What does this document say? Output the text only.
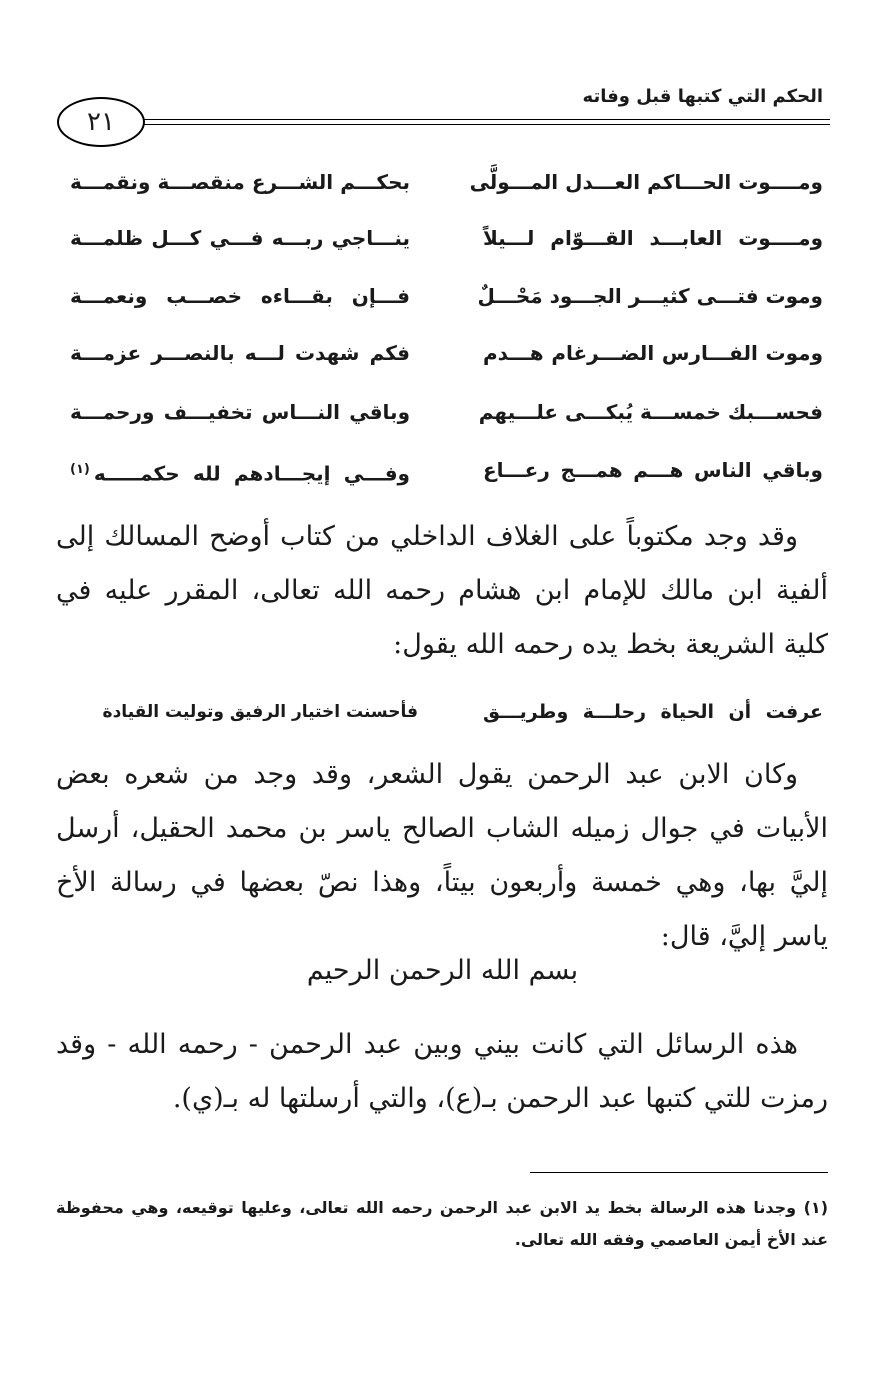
الحكم التي كتبها قبل وفاته
٢١
ومــــوت الحـــاكم العـــدل المـــولَّى
بحكـــم الشـــرع منقصـــة ونقمـــة
ومــــوت العابـــد القـــوّام لـــيلاً
ينـــاجي ربـــه فـــي كـــل ظلمـــة
وموت فتـــى كثيـــر الجـــود مَحْـــلٌ
فـــإن بقـــاءه خصـــب ونعمـــة
وموت الفـــارس الضـــرغام هـــدم
فكم شهدت لـــه بالنصـــر عزمـــة
فحســـبك خمســـة يُبكـــى علـــيهم
وباقي النـــاس تخفيـــف ورحمـــة
وباقي الناس هـــم همـــج رعـــاع
وفـــي إيجـــادهم لله حكمـــــه$^{(١)}$
وقد وجد مكتوباً على الغلاف الداخلي من كتاب أوضح المسالك إلى ألفية ابن مالك للإمام ابن هشام رحمه الله تعالى، المقرر عليه في كلية الشريعة بخط يده رحمه الله يقول:
عرفت أن الحياة رحلـــة وطريـــق
فأحسنت اختيار الرفيق وتوليت القيادة
وكان الابن عبد الرحمن يقول الشعر، وقد وجد من شعره بعض الأبيات في جوال زميله الشاب الصالح ياسر بن محمد الحقيل، أرسل إليَّ بها، وهي خمسة وأربعون بيتاً، وهذا نصّ بعضها في رسالة الأخ ياسر إليَّ، قال:
بسم الله الرحمن الرحيم
هذه الرسائل التي كانت بيني وبين عبد الرحمن - رحمه الله - وقد رمزت للتي كتبها عبد الرحمن بـ(ع)، والتي أرسلتها له بـ(ي).
(١) وجدنا هذه الرسالة بخط يد الابن عبد الرحمن رحمه الله تعالى، وعليها توقيعه، وهي محفوظة عند الأخ أيمن العاصمي وفقه الله تعالى.
